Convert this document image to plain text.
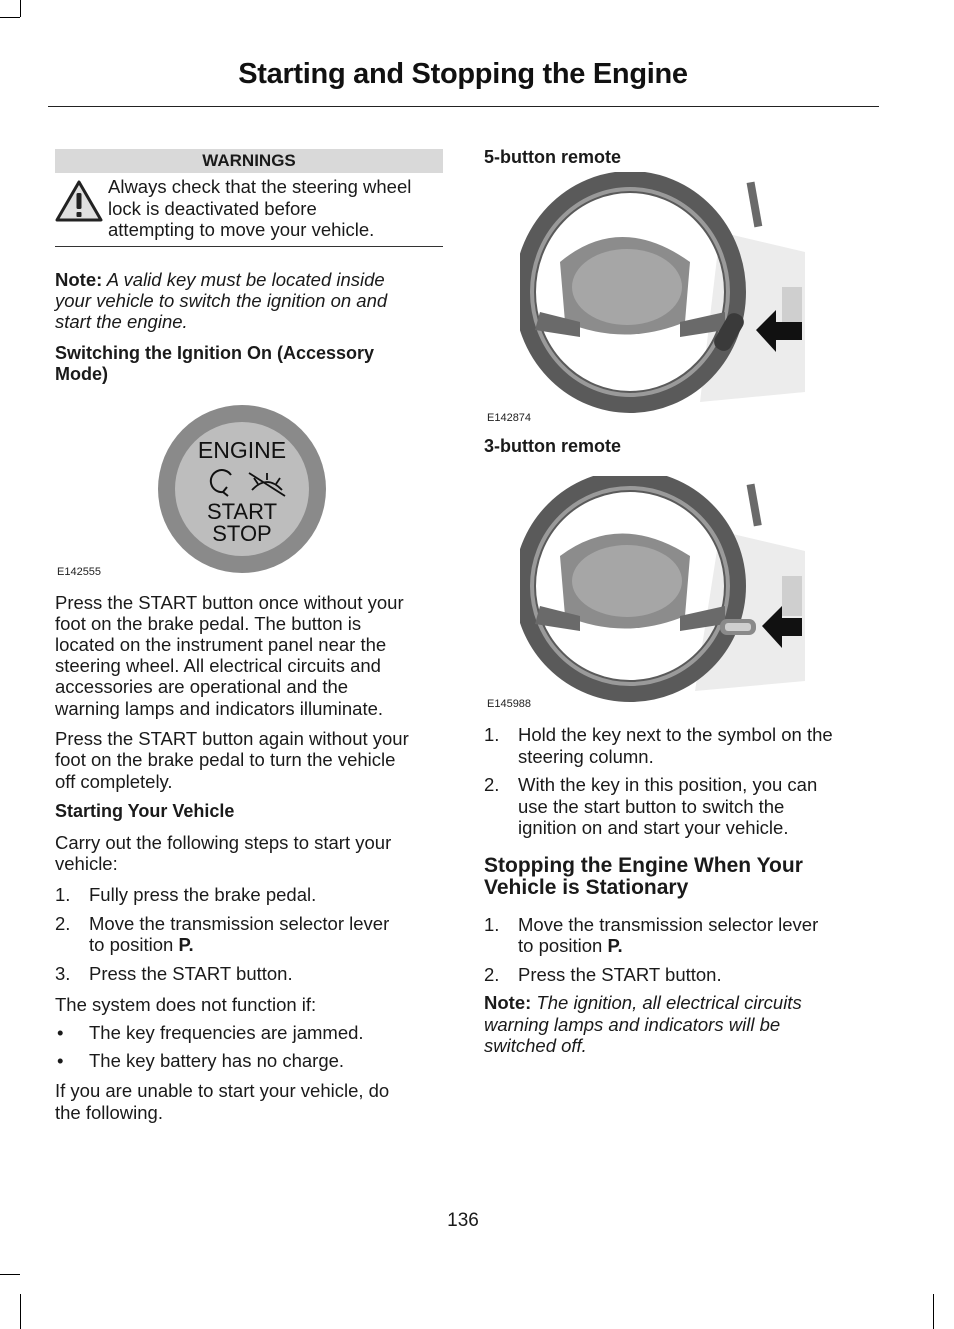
Starting and Stopping the Engine
WARNINGS

Always check that the steering wheel

lock is deactivated before

attempting to move your vehicle.

Note: A valid key must be located inside

your vehicle to switch the ignition on and

start the engine.

Switching the Ignition On (Accessory

Mode)

ENGINE
START
STOP
E142555

Press the START button once without your

foot on the brake pedal. The button is

located on the instrument panel near the

steering wheel. All electrical circuits and

accessories are operational and the

warning lamps and indicators illuminate.

Press the START button again without your

foot on the brake pedal to turn the vehicle

off completely.

Starting Your Vehicle

Carry out the following steps to start your

vehicle:

1. Fully press the brake pedal.
2. Move the transmission selector lever
to position P.
3. Press the START button.

The system does not function if:

• The key frequencies are jammed.
• The key battery has no charge.

If you are unable to start your vehicle, do

the following.

5-button remote

E142874

3-button remote

E145988
1. Hold the key next to the symbol on the
steering column.
2. With the key in this position, you can
use the start button to switch the
ignition on and start your vehicle.

Stopping the Engine When Your

Vehicle is Stationary

1. Move the transmission selector lever
to position P.
2. Press the START button.

Note: The ignition, all electrical circuits

warning lamps and indicators will be

switched off.

136
